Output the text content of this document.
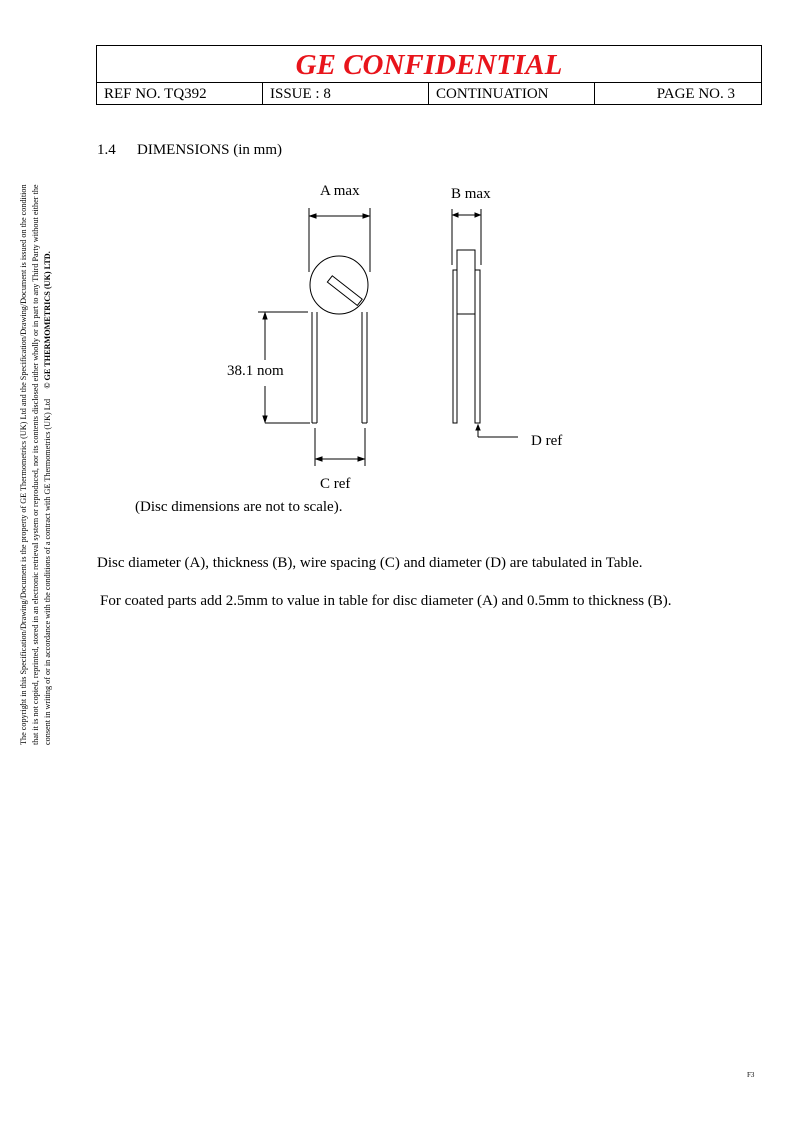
GE CONFIDENTIAL
REF NO. TQ392	ISSUE : 8	CONTINUATION	PAGE NO. 3
1.4 DIMENSIONS (in mm)
The copyright in this Specification/Drawing/Document is the property of GE Thermometrics (UK) Ltd and the Specification/Drawing/Document is issued on the condition that it is not copied, reprinted, stored in an electronic retrieval system or reproduced, nor its contents disclosed either wholly or in part to any Third Party without either the consent in writing of or in accordance with the conditions of a contract with GE Thermometrics (UK) Ltd     © GE THERMOMETRICS (UK) LTD.
A max	B max
38.1 nom
C ref
D ref
(Disc dimensions are not to scale).
Disc diameter (A), thickness (B), wire spacing (C) and diameter (D) are tabulated in Table.
For coated parts add 2.5mm to value in table for disc diameter (A) and 0.5mm to thickness (B).
F3
